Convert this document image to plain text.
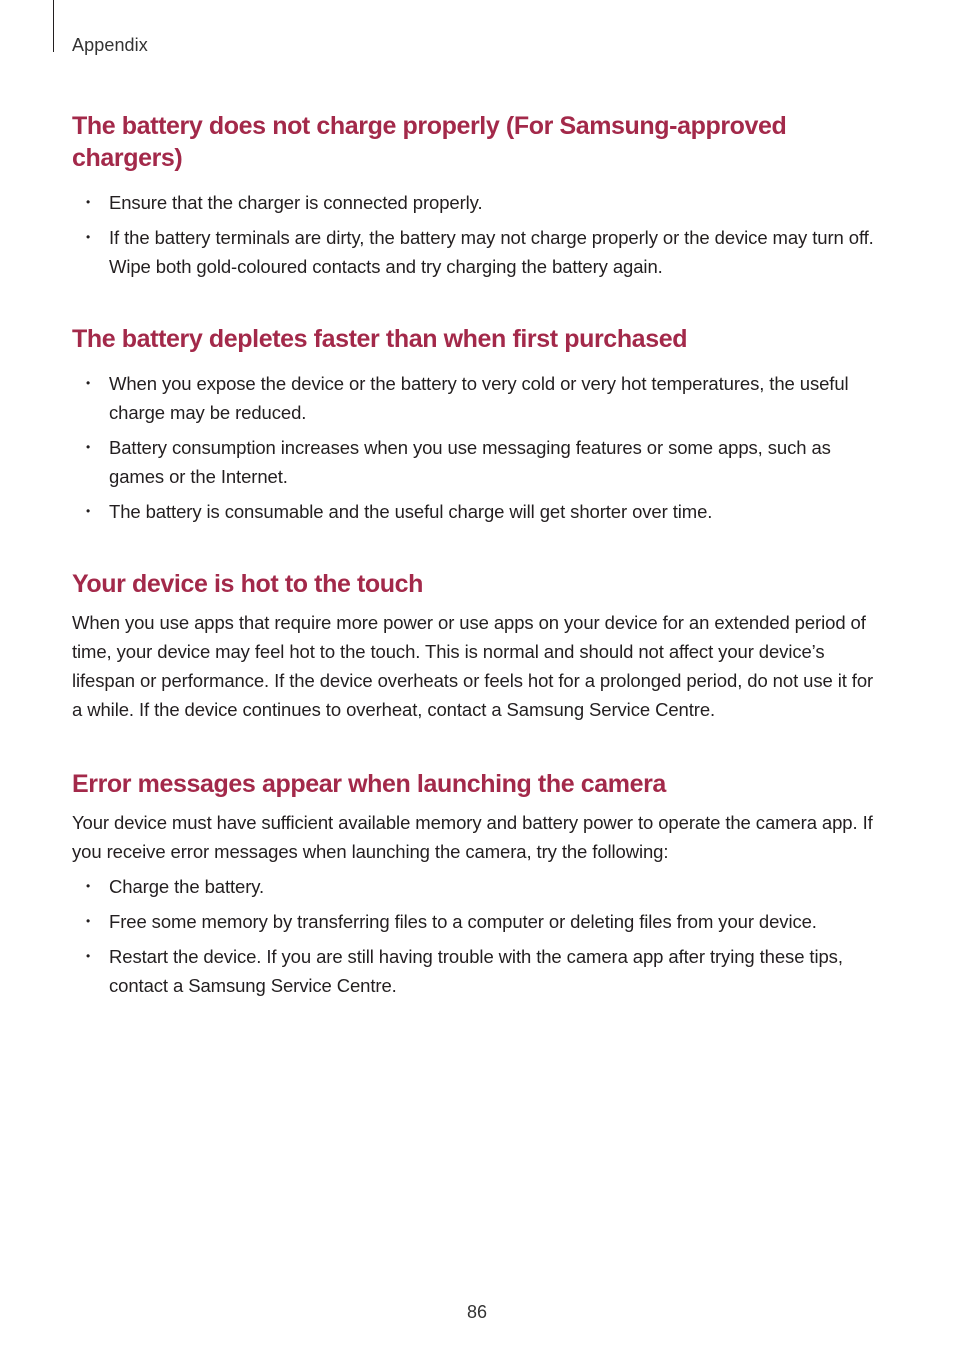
Appendix
The battery does not charge properly (For Samsung-approved chargers)
• Ensure that the charger is connected properly.
• If the battery terminals are dirty, the battery may not charge properly or the device may turn off. Wipe both gold-coloured contacts and try charging the battery again.
The battery depletes faster than when first purchased
• When you expose the device or the battery to very cold or very hot temperatures, the useful charge may be reduced.
• Battery consumption increases when you use messaging features or some apps, such as games or the Internet.
• The battery is consumable and the useful charge will get shorter over time.
Your device is hot to the touch

When you use apps that require more power or use apps on your device for an extended period of time, your device may feel hot to the touch. This is normal and should not affect your device’s lifespan or performance. If the device overheats or feels hot for a prolonged period, do not use it for a while. If the device continues to overheat, contact a Samsung Service Centre.

Error messages appear when launching the camera

Your device must have sufficient available memory and battery power to operate the camera app. If you receive error messages when launching the camera, try the following:

• Charge the battery.
• Free some memory by transferring files to a computer or deleting files from your device.
• Restart the device. If you are still having trouble with the camera app after trying these tips, contact a Samsung Service Centre.
86
